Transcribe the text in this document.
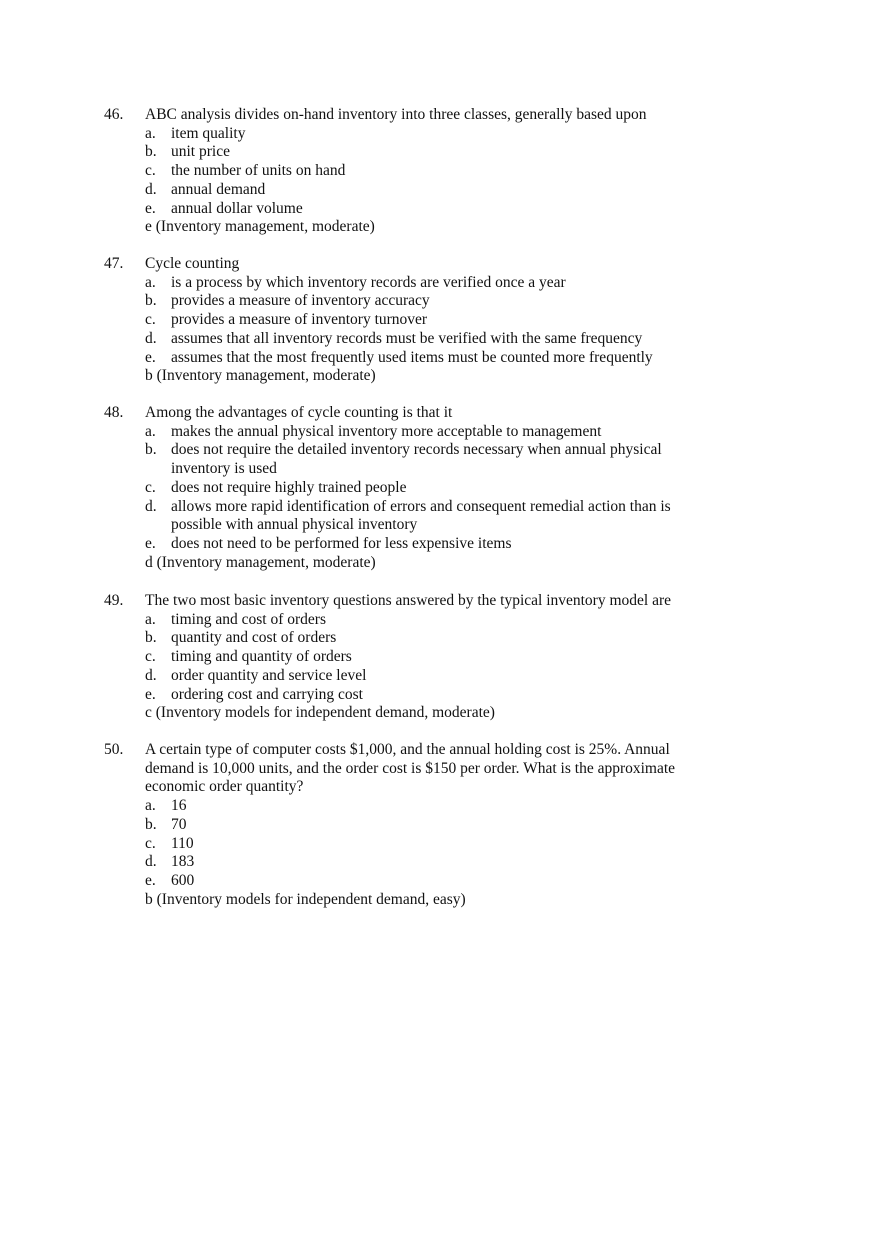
46. ABC analysis divides on-hand inventory into three classes, generally based upon
a. item quality
b. unit price
c. the number of units on hand
d. annual demand
e. annual dollar volume
e (Inventory management, moderate)
47. Cycle counting
a. is a process by which inventory records are verified once a year
b. provides a measure of inventory accuracy
c. provides a measure of inventory turnover
d. assumes that all inventory records must be verified with the same frequency
e. assumes that the most frequently used items must be counted more frequently
b (Inventory management, moderate)
48. Among the advantages of cycle counting is that it
a. makes the annual physical inventory more acceptable to management
b. does not require the detailed inventory records necessary when annual physical inventory is used
c. does not require highly trained people
d. allows more rapid identification of errors and consequent remedial action than is possible with annual physical inventory
e. does not need to be performed for less expensive items
d (Inventory management, moderate)
49. The two most basic inventory questions answered by the typical inventory model are
a. timing and cost of orders
b. quantity and cost of orders
c. timing and quantity of orders
d. order quantity and service level
e. ordering cost and carrying cost
c (Inventory models for independent demand, moderate)
50. A certain type of computer costs $1,000, and the annual holding cost is 25%. Annual demand is 10,000 units, and the order cost is $150 per order. What is the approximate economic order quantity?
a. 16
b. 70
c. 110
d. 183
e. 600
b (Inventory models for independent demand, easy)
